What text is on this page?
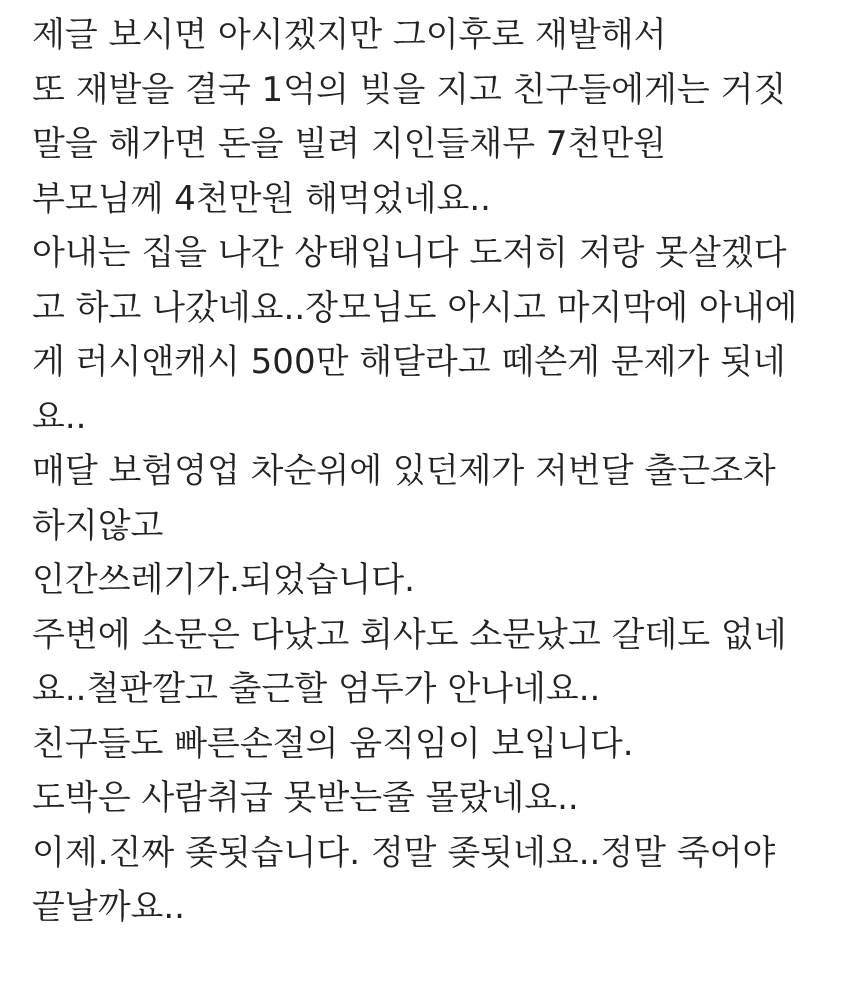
제글 보시면 아시겠지만 그이후로 재발해서
또 재발을 결국 1억의 빚을 지고 친구들에게는 거짓
말을 해가면 돈을 빌려 지인들채무 7천만원
부모님께 4천만원 해먹었네요..
아내는 집을 나간 상태입니다 도저히 저랑 못살겠다
고 하고 나갔네요..장모님도 아시고 마지막에 아내에
게 러시앤캐시 500만 해달라고 떼쓴게 문제가 됫네
요..
매달 보험영업 차순위에 있던제가 저번달 출근조차
하지않고
인간쓰레기가.되었습니다.
주변에 소문은 다났고 회사도 소문났고 갈데도 없네
요..철판깔고 출근할 엄두가 안나네요..
친구들도 빠른손절의 움직임이 보입니다.
도박은 사람취급 못받는줄 몰랐네요..
이제.진짜 좆됫습니다. 정말 좆됫네요..정말 죽어야
끝날까요..
